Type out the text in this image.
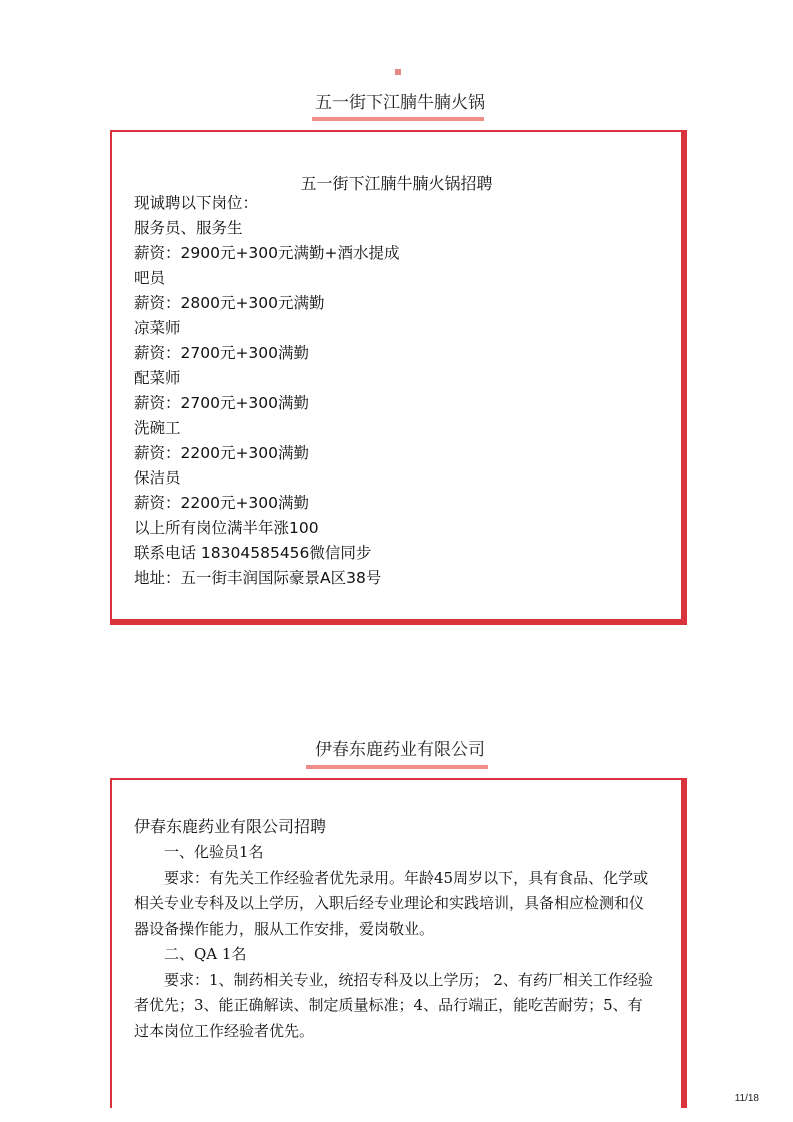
五一街下江腩牛腩火锅
五一街下江腩牛腩火锅招聘
现诚聘以下岗位：
服务员、服务生
薪资：2900元+300元满勤+酒水提成
吧员
薪资：2800元+300元满勤
凉菜师
薪资：2700元+300满勤
配菜师
薪资：2700元+300满勤
洗碗工
薪资：2200元+300满勤
保洁员
薪资：2200元+300满勤
以上所有岗位满半年涨100
联系电话 18304585456微信同步
地址：五一街丰润国际豪景A区38号
伊春东鹿药业有限公司
伊春东鹿药业有限公司招聘

一、化验员1名

要求：有先关工作经验者优先录用。年龄45周岁以下，具有食品、化学或相关专业专科及以上学历，入职后经专业理论和实践培训，具备相应检测和仪器设备操作能力，服从工作安排，爱岗敬业。

二、QA 1名

要求：1、制药相关专业，统招专科及以上学历； 2、有药厂相关工作经验者优先；3、能正确解读、制定质量标准；4、品行端正，能吃苦耐劳；5、有过本岗位工作经验者优先。

11/18
